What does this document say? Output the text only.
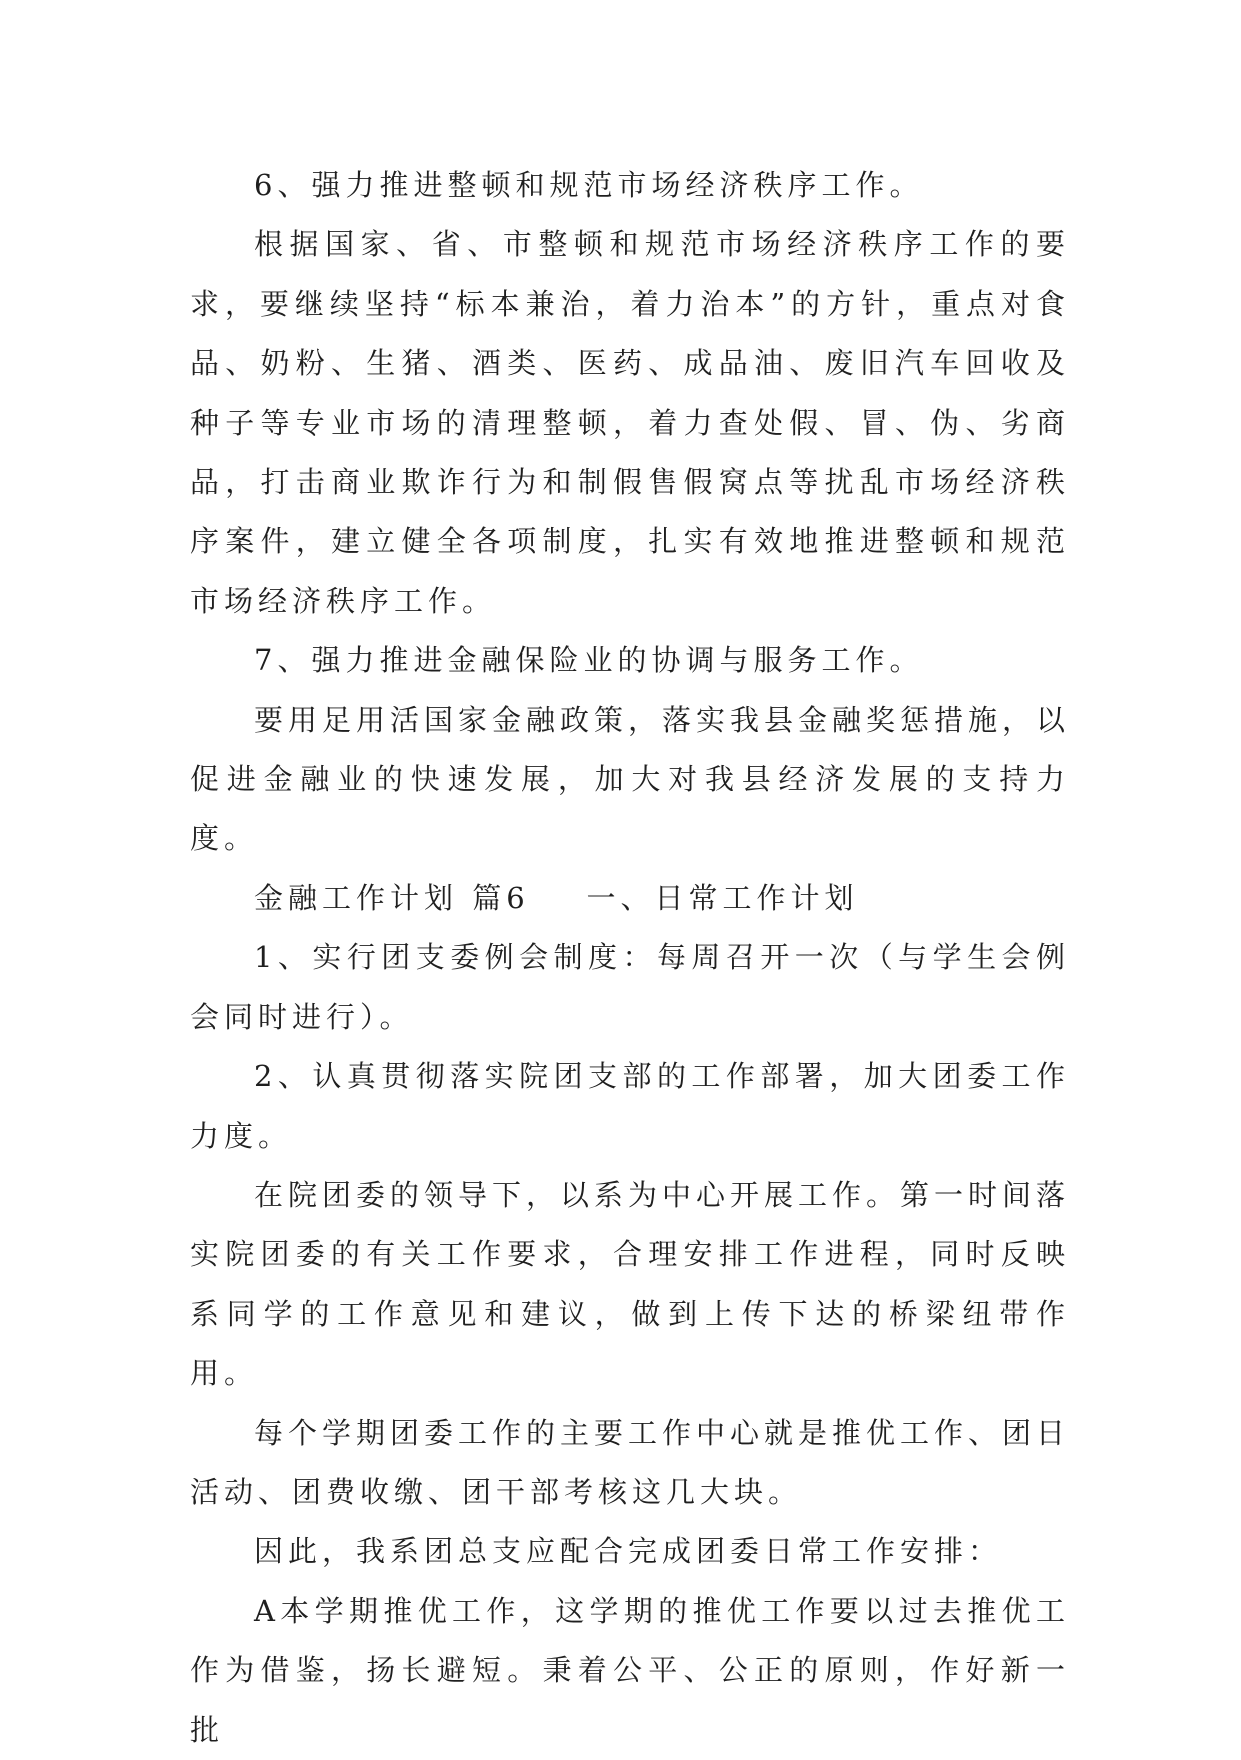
6、强力推进整顿和规范市场经济秩序工作。

根据国家、省、市整顿和规范市场经济秩序工作的要求，要继续坚持“标本兼治，着力治本”的方针，重点对食品、奶粉、生猪、酒类、医药、成品油、废旧汽车回收及种子等专业市场的清理整顿，着力查处假、冒、伪、劣商品，打击商业欺诈行为和制假售假窝点等扰乱市场经济秩序案件，建立健全各项制度，扎实有效地推进整顿和规范市场经济秩序工作。

7、强力推进金融保险业的协调与服务工作。

要用足用活国家金融政策，落实我县金融奖惩措施，以促进金融业的快速发展，加大对我县经济发展的支持力度。

金融工作计划 篇6    一、日常工作计划

1、实行团支委例会制度：每周召开一次（与学生会例会同时进行）。

2、认真贯彻落实院团支部的工作部署，加大团委工作力度。

在院团委的领导下，以系为中心开展工作。第一时间落实院团委的有关工作要求，合理安排工作进程，同时反映系同学的工作意见和建议，做到上传下达的桥梁纽带作用。

每个学期团委工作的主要工作中心就是推优工作、团日活动、团费收缴、团干部考核这几大块。

因此，我系团总支应配合完成团委日常工作安排：

A本学期推优工作，这学期的推优工作要以过去推优工作为借鉴，扬长避短。秉着公平、公正的原则，作好新一批
